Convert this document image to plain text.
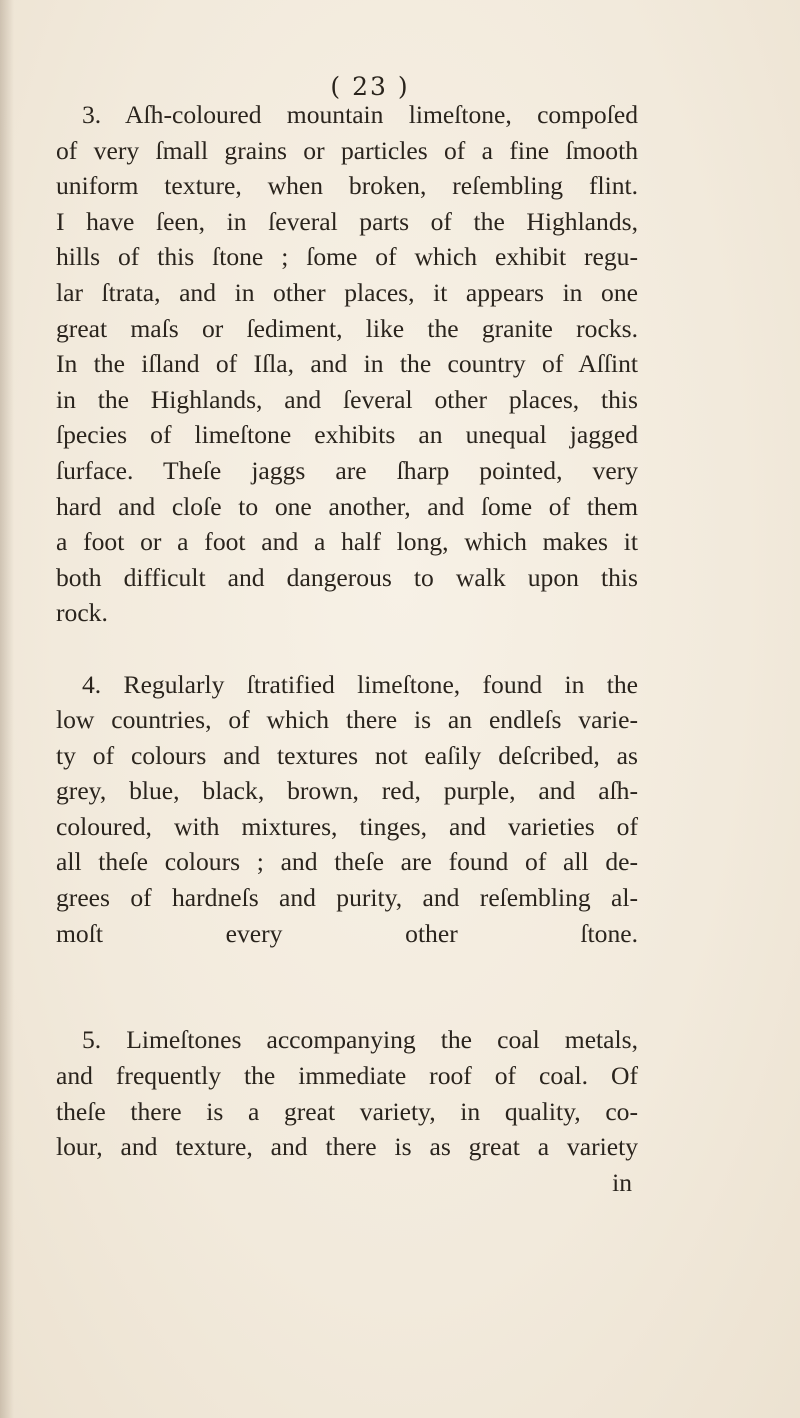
( 23 )
3. Aſh-coloured mountain limeſtone, compoſed
of very ſmall grains or particles of a fine ſmooth
uniform texture, when broken, reſembling flint.
I have ſeen, in ſeveral parts of the Highlands,
hills of this ſtone ; ſome of which exhibit regu-
lar ſtrata, and in other places, it appears in one
great maſs or ſediment, like the granite rocks.
In the iſland of Iſla, and in the country of Aſſint
in the Highlands, and ſeveral other places, this
ſpecies of limeſtone exhibits an unequal jagged
ſurface. Theſe jaggs are ſharp pointed, very
hard and cloſe to one another, and ſome of them
a foot or a foot and a half long, which makes it
both difficult and dangerous to walk upon this
rock.
4. Regularly ſtratified limeſtone, found in the
low countries, of which there is an endleſs varie-
ty of colours and textures not eaſily deſcribed, as
grey, blue, black, brown, red, purple, and aſh-
coloured, with mixtures, tinges, and varieties of
all theſe colours ; and theſe are found of all de-
grees of hardneſs and purity, and reſembling al-
moſt every other ſtone.
5. Limeſtones accompanying the coal metals,
and frequently the immediate roof of coal. Of
theſe there is a great variety, in quality, co-
lour, and texture, and there is as great a variety
in
